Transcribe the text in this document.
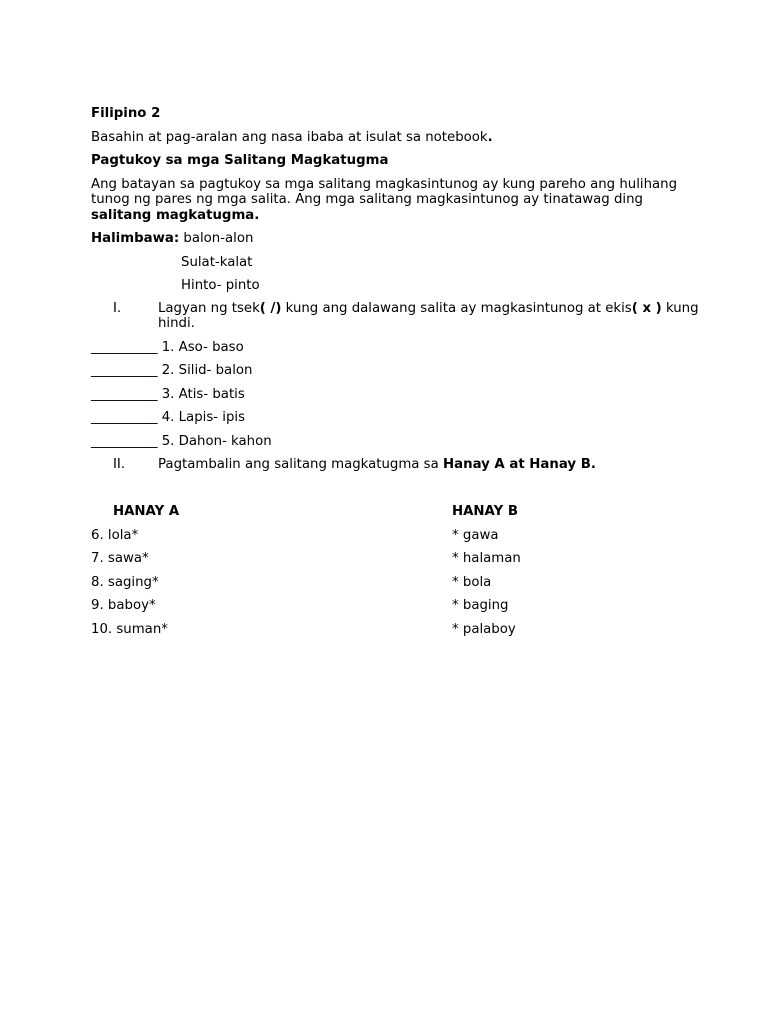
Filipino 2
Basahin at pag-aralan ang nasa ibaba at isulat sa notebook.
Pagtukoy sa mga Salitang Magkatugma
Ang batayan sa pagtukoy sa mga salitang magkasintunog ay kung pareho ang hulihang
tunog ng pares ng mga salita. Ang mga salitang magkasintunog ay tinatawag ding
salitang magkatugma.
Halimbawa: balon-alon
Sulat-kalat
Hinto- pinto
I.	Lagyan ng tsek( /) kung ang dalawang salita ay magkasintunog at ekis( x ) kung
hindi.
__________ 1. Aso- baso
__________ 2. Silid- balon
__________ 3. Atis- batis
__________ 4. Lapis- ipis
__________ 5. Dahon- kahon
II. Pagtambalin ang salitang magkatugma sa Hanay A at Hanay B.
HANAY A	HANAY B
6. lola*	* gawa
7. sawa*	* halaman
8. saging*	* bola
9. baboy*	* baging
10. suman*	* palaboy
